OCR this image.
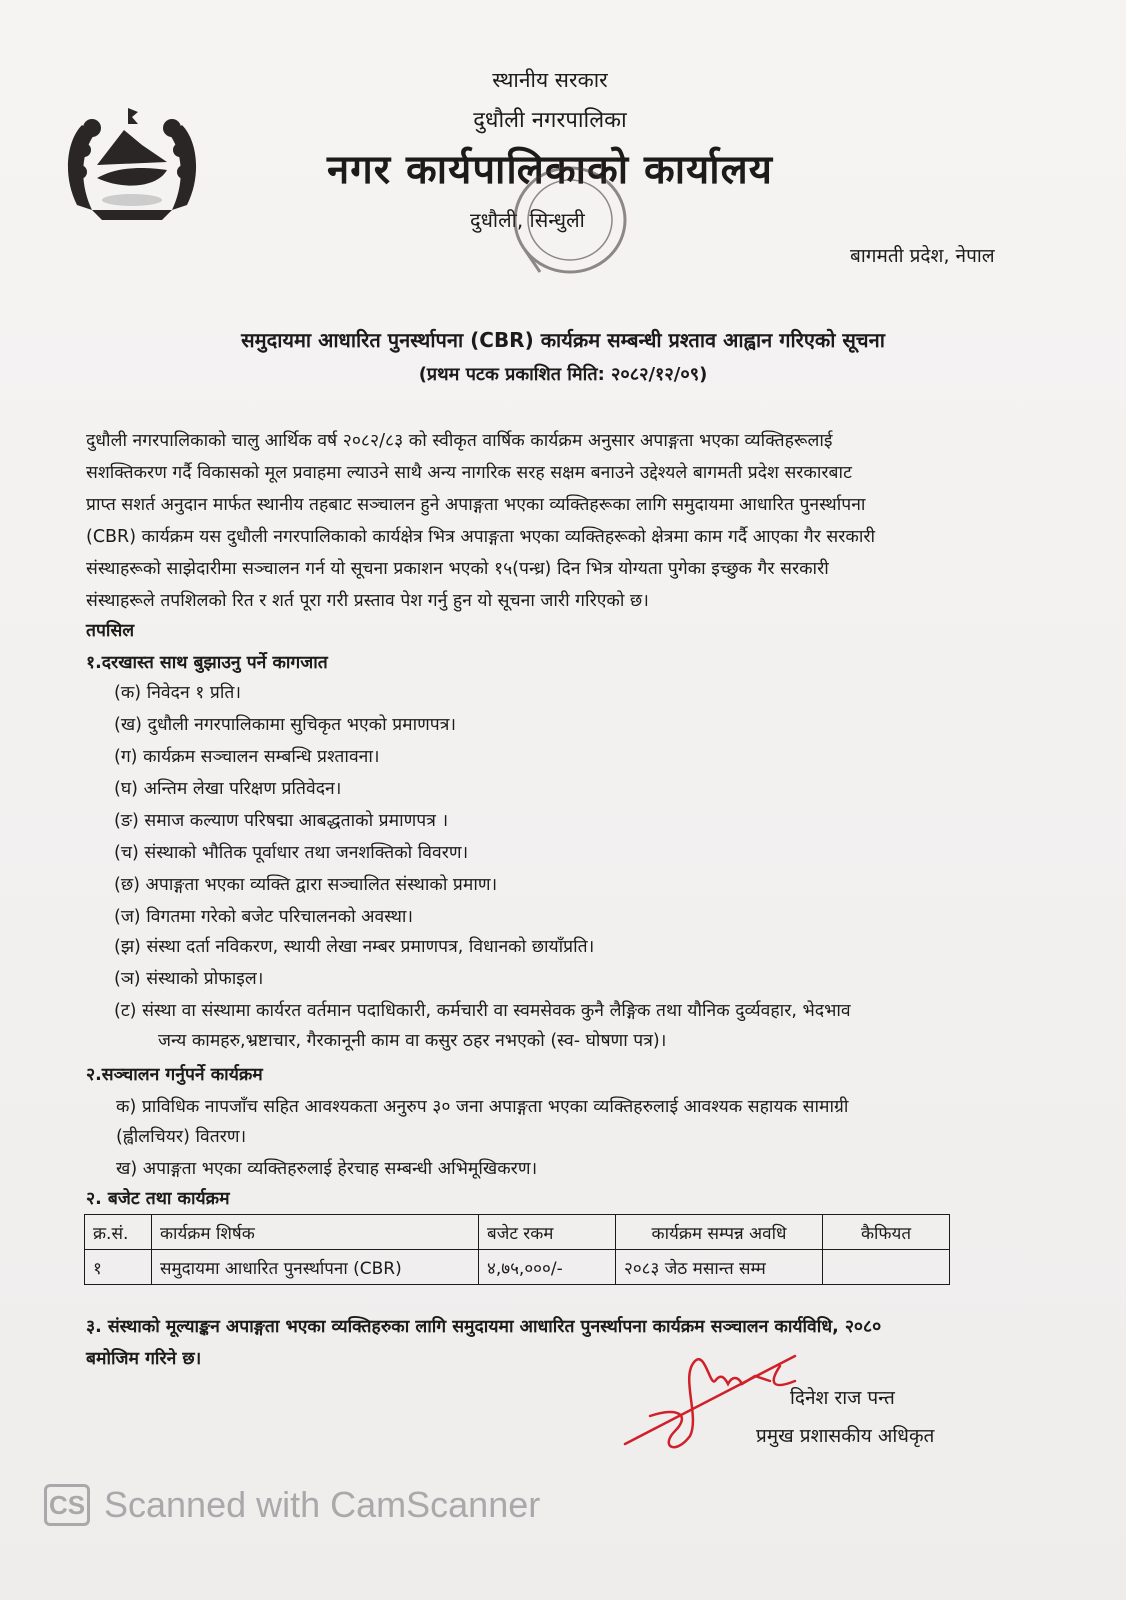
स्थानीय सरकार
दुधौली नगरपालिका
नगर कार्यपालिकाको कार्यालय
दुधौली, सिन्धुली
बागमती प्रदेश, नेपाल
समुदायमा आधारित पुनर्स्थापना (CBR) कार्यक्रम सम्बन्धी प्रश्ताव आह्वान गरिएको सूचना
(प्रथम पटक प्रकाशित मिति: २०८२/१२/०९)
दुधौली नगरपालिकाको चालु आर्थिक वर्ष २०८२/८३ को स्वीकृत वार्षिक कार्यक्रम अनुसार अपाङ्गता भएका व्यक्तिहरूलाई
सशक्तिकरण गर्दै विकासको मूल प्रवाहमा ल्याउने साथै अन्य नागरिक सरह सक्षम बनाउने उद्देश्यले बागमती प्रदेश सरकारबाट
प्राप्त सशर्त अनुदान मार्फत स्थानीय तहबाट सञ्चालन हुने अपाङ्गता भएका व्यक्तिहरूका लागि समुदायमा आधारित पुनर्स्थापना
(CBR) कार्यक्रम यस दुधौली नगरपालिकाको कार्यक्षेत्र भित्र अपाङ्गता भएका व्यक्तिहरूको क्षेत्रमा काम गर्दै आएका गैर सरकारी
संस्थाहरूको साझेदारीमा सञ्चालन गर्न यो सूचना प्रकाशन भएको १५(पन्ध्र) दिन भित्र योग्यता पुगेका इच्छुक गैर सरकारी
संस्थाहरूले तपशिलको रित र शर्त पूरा गरी प्रस्ताव पेश गर्नु हुन यो सूचना जारी गरिएको छ।
तपसिल
१.दरखास्त साथ बुझाउनु पर्ने कागजात
(क) निवेदन १ प्रति।
(ख) दुधौली नगरपालिकामा सुचिकृत भएको प्रमाणपत्र।
(ग) कार्यक्रम सञ्चालन सम्बन्धि प्रश्तावना।
(घ) अन्तिम लेखा परिक्षण प्रतिवेदन।
(ङ) समाज कल्याण परिषद्मा आबद्धताको प्रमाणपत्र ।
(च) संस्थाको भौतिक पूर्वाधार तथा जनशक्तिको विवरण।
(छ) अपाङ्गता भएका व्यक्ति द्वारा सञ्चालित संस्थाको प्रमाण।
(ज) विगतमा गरेको बजेट परिचालनको अवस्था।
(झ) संस्था दर्ता नविकरण, स्थायी लेखा नम्बर प्रमाणपत्र, विधानको छायाँप्रति।
(ञ) संस्थाको प्रोफाइल।
(ट) संस्था वा संस्थामा कार्यरत वर्तमान पदाधिकारी, कर्मचारी वा स्वमसेवक कुनै लैङ्गिक तथा यौनिक दुर्व्यवहार, भेदभाव
जन्य कामहरु,भ्रष्टाचार, गैरकानूनी काम वा कसुर ठहर नभएको (स्व- घोषणा पत्र)।
२.सञ्चालन गर्नुपर्ने कार्यक्रम
क) प्राविधिक नापजाँच सहित आवश्यकता अनुरुप ३० जना अपाङ्गता भएका व्यक्तिहरुलाई आवश्यक सहायक सामाग्री
(ह्वीलचियर) वितरण।
ख) अपाङ्गता भएका व्यक्तिहरुलाई हेरचाह सम्बन्धी अभिमूखिकरण।
२. बजेट तथा कार्यक्रम
क्र.सं.	कार्यक्रम शिर्षक	बजेट रकम	कार्यक्रम सम्पन्न अवधि	कैफियत
१	समुदायमा आधारित पुनर्स्थापना (CBR)	४,७५,०००/-	२०८३ जेठ मसान्त सम्म	
३. संस्थाको मूल्याङ्कन अपाङ्गता भएका व्यक्तिहरुका लागि समुदायमा आधारित पुनर्स्थापना कार्यक्रम सञ्चालन कार्यविधि, २०८०
बमोजिम गरिने छ।
दिनेश राज पन्त
प्रमुख प्रशासकीय अधिकृत
CS Scanned with CamScanner
